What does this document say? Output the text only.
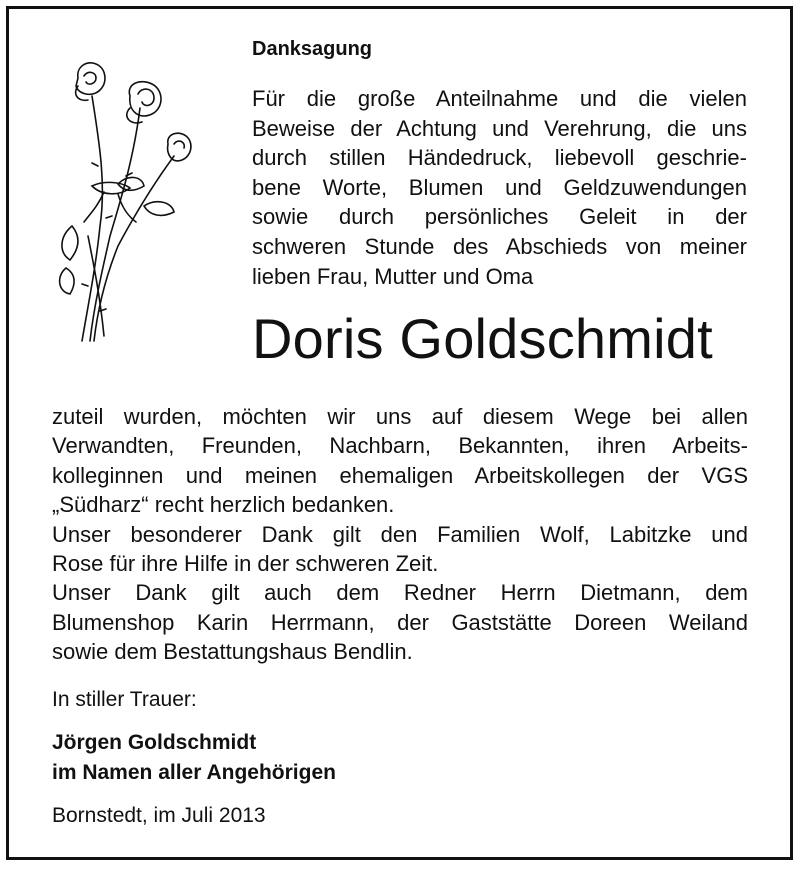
Danksagung
Für die große Anteilnahme und die vielen
Beweise der Achtung und Verehrung, die uns
durch stillen Händedruck, liebevoll geschrie-
bene Worte, Blumen und Geldzuwendungen
sowie durch persönliches Geleit in der
schweren Stunde des Abschieds von meiner
lieben Frau, Mutter und Oma
Doris Goldschmidt
zuteil wurden, möchten wir uns auf diesem Wege bei allen
Verwandten, Freunden, Nachbarn, Bekannten, ihren Arbeits-
kolleginnen und meinen ehemaligen Arbeitskollegen der VGS
„Südharz“ recht herzlich bedanken.
Unser besonderer Dank gilt den Familien Wolf, Labitzke und
Rose für ihre Hilfe in der schweren Zeit.
Unser Dank gilt auch dem Redner Herrn Dietmann, dem
Blumenshop Karin Herrmann, der Gaststätte Doreen Weiland
sowie dem Bestattungshaus Bendlin.
In stiller Trauer:
Jörgen Goldschmidt
im Namen aller Angehörigen
Bornstedt, im Juli 2013
